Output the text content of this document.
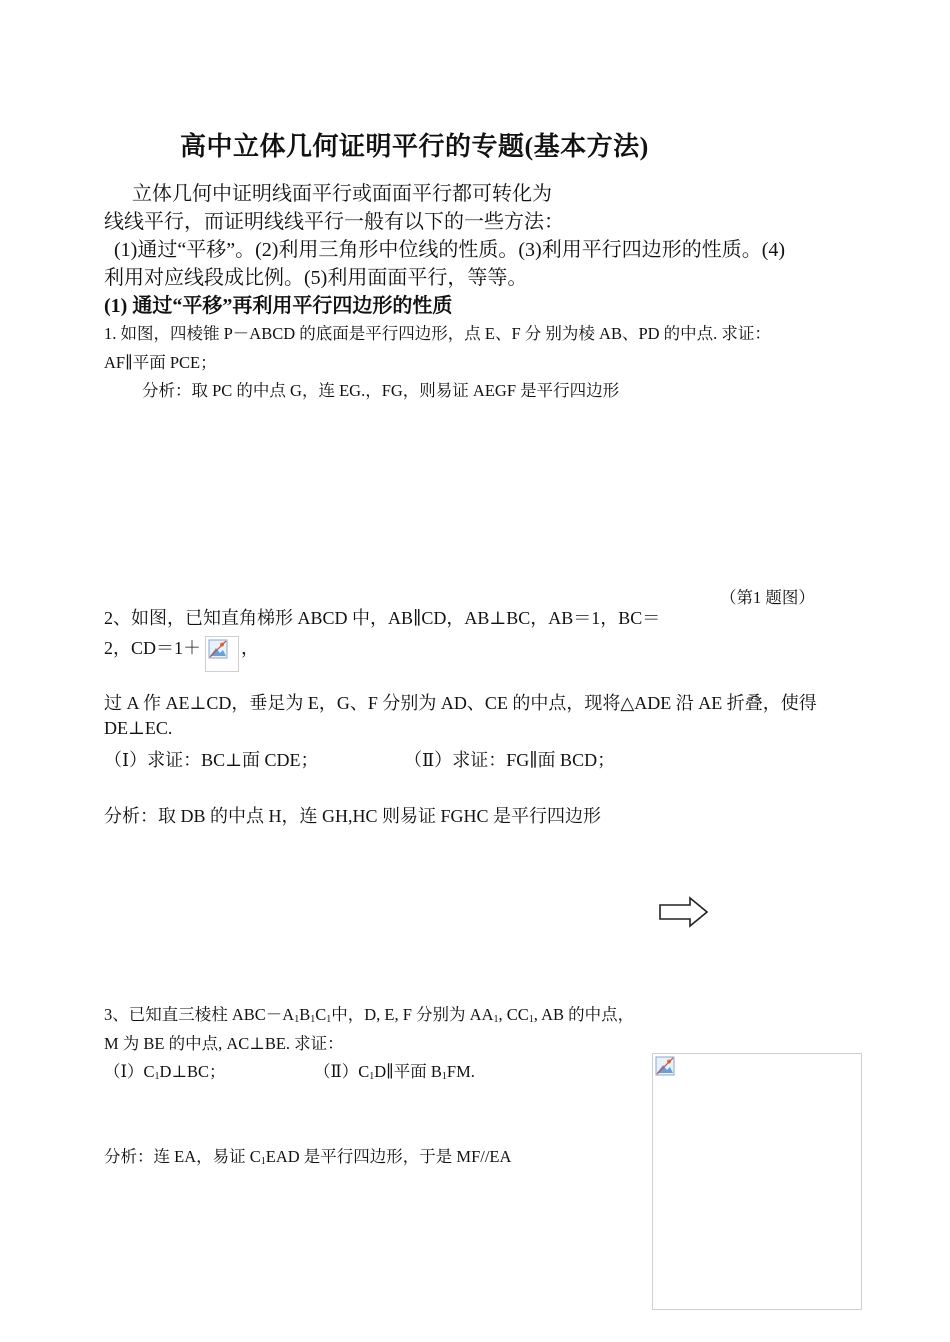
高中立体几何证明平行的专题(基本方法)
立体几何中证明线面平行或面面平行都可转化为
线线平行，而证明线线平行一般有以下的一些方法：
(1)通过“平移”。(2)利用三角形中位线的性质。(3)利用平行四边形的性质。(4)
利用对应线段成比例。(5)利用面面平行，等等。
(1) 通过“平移”再利用平行四边形的性质
1. 如图，四棱锥 P－ABCD 的底面是平行四边形，点 E、F 分 别为棱 AB、PD 的中点. 求证：
AF∥平面 PCE；
分析：取 PC 的中点 G，连 EG.，FG，则易证 AEGF 是平行四边形
（第1 题图）
2、如图，已知直角梯形 ABCD 中，AB∥CD，AB⊥BC，AB＝1，BC＝
2，CD＝1＋ ，
过 A 作 AE⊥CD，垂足为 E，G、F 分别为 AD、CE 的中点，现将△ADE 沿 AE 折叠，使得
DE⊥EC.
（Ⅰ）求证：BC⊥面 CDE；	（Ⅱ）求证：FG∥面 BCD；
分析：取 DB 的中点 H，连 GH,HC 则易证 FGHC 是平行四边形
3、已知直三棱柱 $ABC-A_1B_1C_1$中，D, E, F 分别为 $AA_1$, $CC_1$, AB 的中点，
M 为 BE 的中点, AC⊥BE. 求证：
$(Ⅰ)C_1D\perp BC$；	$(Ⅱ)C_1D\parallel$平面 $B_1FM$.
分析：连 EA，易证 $C_1EAD$ 是平行四边形，于是 MF//EA
